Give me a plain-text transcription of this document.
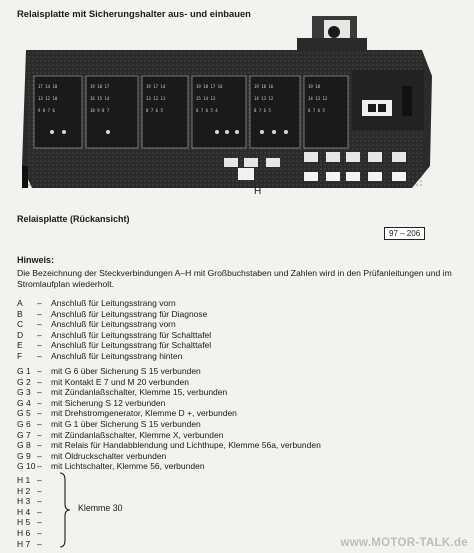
Relaisplatte mit Sicherungshalter aus- und einbauen
17 14 18
13 12 10
9 8 7 6
19 18 17
16 15 14
10 9 8 7
19 17 14
13 12 11
8 7 6 5
19 18 17 16
15 14 13
8 7 6 5 4
19 18 16
14 13 12
8 7 6 5
19 18
14 13 12
8 7 6 5
H
Relaisplatte (Rückansicht)
97 – 206
Hinweis:
Die Bezeichnung der Steckverbindungen A–H mit Großbuchstaben und Zahlen wird in den Prüfanleitungen und im Stromlaufplan wiederholt.
A	–	Anschluß für Leitungsstrang vorn
B	–	Anschluß für Leitungsstrang für Diagnose
C	–	Anschluß für Leitungsstrang vorn
D	–	Anschluß für Leitungsstrang für Schalttafel
E	–	Anschluß für Leitungsstrang für Schalttafel
F	–	Anschluß für Leitungsstrang hinten
G 1 –	mit G 6 über Sicherung S 15 verbunden
G 2 –	mit Kontakt E 7 und M 20 verbunden
G 3 –	mit Zündanlaßschalter, Klemme 15, verbunden
G 4 –	mit Sicherung S 12 verbunden
G 5 –	mit Drehstromgenerator, Klemme D +, verbunden
G 6 –	mit G 1 über Sicherung S 15 verbunden
G 7 –	mit Zündanlaßschalter, Klemme X, verbunden
G 8 –	mit Relais für Handabblendung und Lichthupe, Klemme 56a, verbunden
G 9 –	mit Öldruckschalter verbunden
G 10 –	mit Lichtschalter, Klemme 56, verbunden
H 1 –
H 2 –
H 3 –
H 4 –
H 5 –
H 6 –
H 7 –
Klemme 30
www.MOTOR-TALK.de
